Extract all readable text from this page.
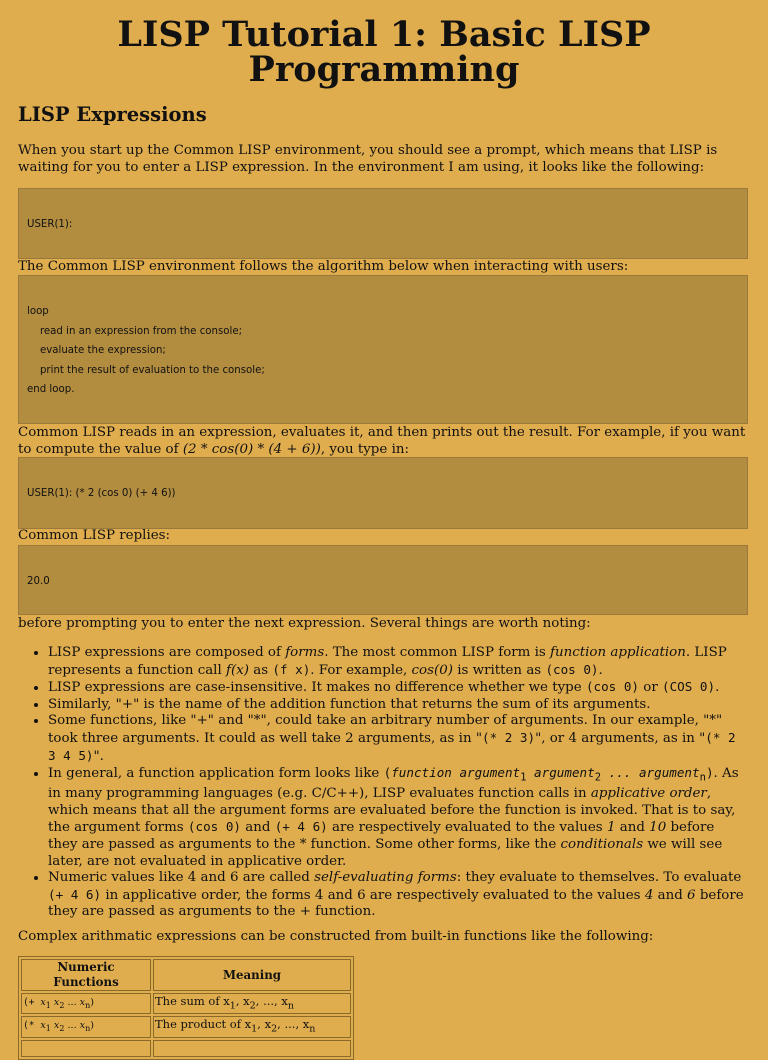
LISP Tutorial 1: Basic LISP
Programming
LISP Expressions

When you start up the Common LISP environment, you should see a prompt, which means that LISP is waiting for you to enter a LISP expression. In the environment I am using, it looks like the following:

USER(1):

The Common LISP environment follows the algorithm below when interacting with users:

loop
read in an expression from the console;
evaluate the expression;
print the result of evaluation to the console;
end loop.

Common LISP reads in an expression, evaluates it, and then prints out the result. For example, if you want to compute the value of (2 * cos(0) * (4 + 6)), you type in:

USER(1): (* 2 (cos 0) (+ 4 6))

Common LISP replies:

20.0

before prompting you to enter the next expression. Several things are worth noting:

• LISP expressions are composed of forms. The most common LISP form is function application. LISP represents a function call f(x) as (f x). For example, cos(0) is written as (cos 0).
• LISP expressions are case-insensitive. It makes no difference whether we type (cos 0) or (COS 0).
• Similarly, "+" is the name of the addition function that returns the sum of its arguments.
• Some functions, like "+" and "*", could take an arbitrary number of arguments. In our example, "*" took three arguments. It could as well take 2 arguments, as in "(* 2 3)", or 4 arguments, as in "(* 2 3 4 5)".
• In general, a function application form looks like (function argument$_1$ argument$_2$ ... argument$_n$). As in many programming languages (e.g. C/C++), LISP evaluates function calls in applicative order, which means that all the argument forms are evaluated before the function is invoked. That is to say, the argument forms (cos 0) and (+ 4 6) are respectively evaluated to the values 1 and 10 before they are passed as arguments to the * function. Some other forms, like the conditionals we will see later, are not evaluated in applicative order.
• Numeric values like 4 and 6 are called self-evaluating forms: they evaluate to themselves. To evaluate (+ 4 6) in applicative order, the forms 4 and 6 are respectively evaluated to the values 4 and 6 before they are passed as arguments to the + function.

Complex arithmatic expressions can be constructed from built-in functions like the following:

Numeric Functions	Meaning
(+ $x_1$ $x_2$ ... $x_n$)	The sum of $x_1$, $x_2$, ..., $x_n$
(* $x_1$ $x_2$ ... $x_n$)	The product of $x_1$, $x_2$, ..., $x_n$
